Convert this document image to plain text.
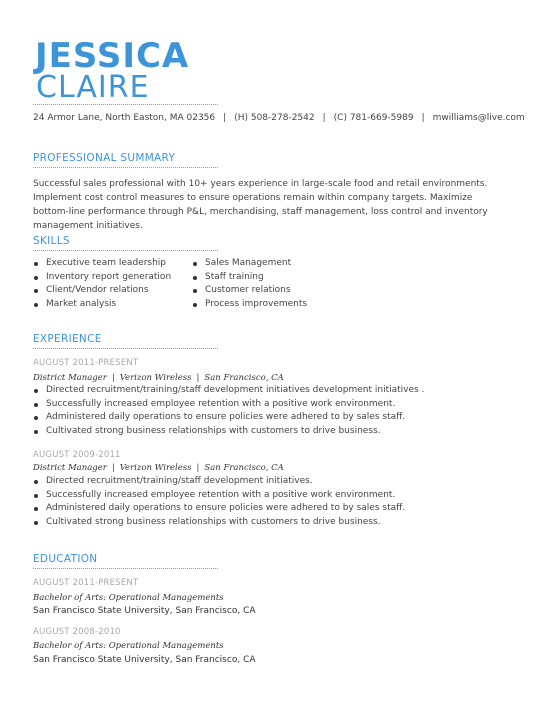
JESSICA
CLAIRE
24 Armor Lane, North Easton, MA 02356 | (H) 508-278-2542 | (C) 781-669-5989 | mwilliams@live.com
PROFESSIONAL SUMMARY
Successful sales professional with 10+ years experience in large-scale food and retail environments. Implement cost control measures to ensure operations remain within company targets. Maximize bottom-line performance through P&L, merchandising, staff management, loss control and inventory management initiatives.
SKILLS
Executive team leadership
Inventory report generation
Client/Vendor relations
Market analysis
Sales Management
Staff training
Customer relations
Process improvements
EXPERIENCE
AUGUST 2011-PRESENT
District Manager | Verizon Wireless | San Francisco, CA
Directed recruitment/training/staff development initiatives development initiatives .
Successfully increased employee retention with a positive work environment.
Administered daily operations to ensure policies were adhered to by sales staff.
Cultivated strong business relationships with customers to drive business.
AUGUST 2009-2011
District Manager | Verizon Wireless | San Francisco, CA
Directed recruitment/training/staff development initiatives.
Successfully increased employee retention with a positive work environment.
Administered daily operations to ensure policies were adhered to by sales staff.
Cultivated strong business relationships with customers to drive business.
EDUCATION
AUGUST 2011-PRESENT
Bachelor of Arts: Operational Managements
San Francisco State University, San Francisco, CA
AUGUST 2008-2010
Bachelor of Arts: Operational Managements
San Francisco State University, San Francisco, CA
